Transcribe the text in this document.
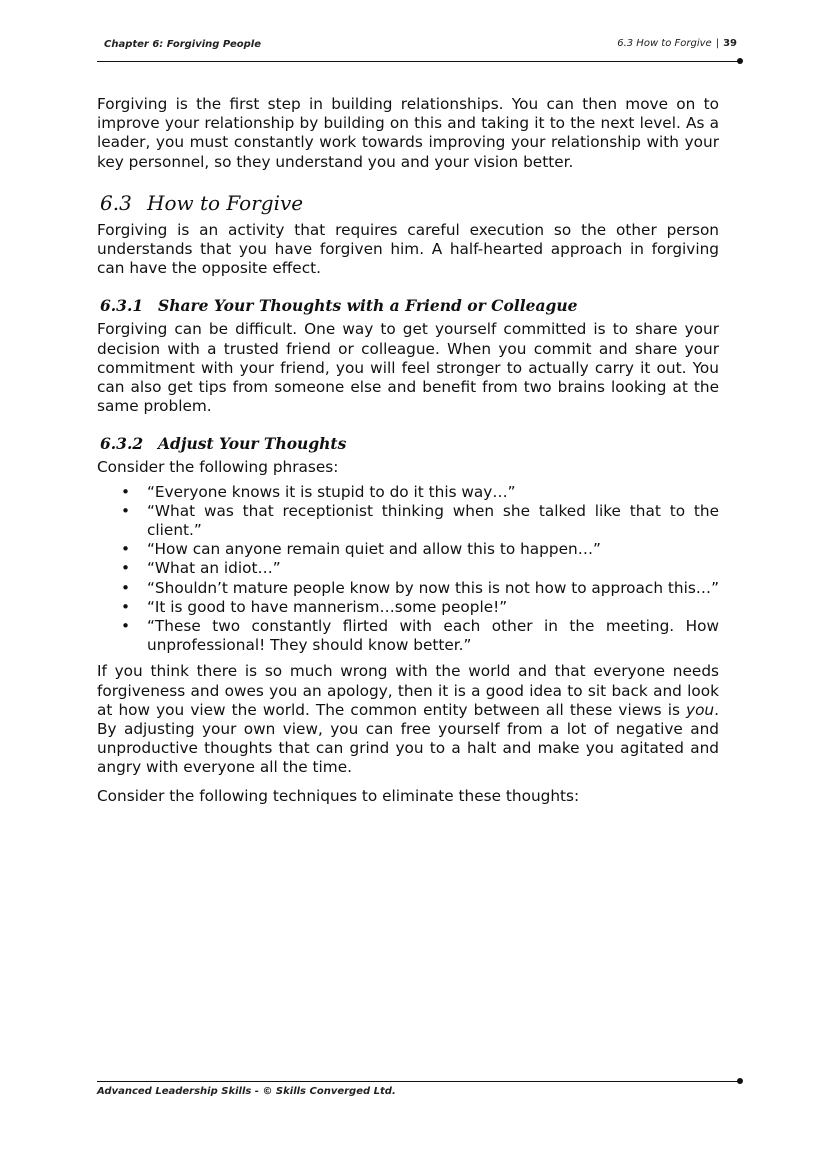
Chapter 6: Forgiving People	6.3 How to Forgive | 39

Forgiving is the first step in building relationships. You can then move on to improve your relationship by building on this and taking it to the next level. As a leader, you must constantly work towards improving your relationship with your key personnel, so they understand you and your vision better.

6.3 How to Forgive

Forgiving is an activity that requires careful execution so the other person understands that you have forgiven him. A half-hearted approach in forgiving can have the opposite effect.

6.3.1 Share Your Thoughts with a Friend or Colleague

Forgiving can be difficult. One way to get yourself committed is to share your decision with a trusted friend or colleague. When you commit and share your commitment with your friend, you will feel stronger to actually carry it out. You can also get tips from someone else and benefit from two brains looking at the same problem.

6.3.2 Adjust Your Thoughts

Consider the following phrases:

• “Everyone knows it is stupid to do it this way…”
• “What was that receptionist thinking when she talked like that to the client.”
• “How can anyone remain quiet and allow this to happen…”
• “What an idiot…”
• “Shouldn’t mature people know by now this is not how to approach this…”
• “It is good to have mannerism…some people!”
• “These two constantly flirted with each other in the meeting. How unprofessional! They should know better.”

If you think there is so much wrong with the world and that everyone needs forgiveness and owes you an apology, then it is a good idea to sit back and look at how you view the world. The common entity between all these views is you. By adjusting your own view, you can free yourself from a lot of negative and unproductive thoughts that can grind you to a halt and make you agitated and angry with everyone all the time.

Consider the following techniques to eliminate these thoughts:

Advanced Leadership Skills - © Skills Converged Ltd.
